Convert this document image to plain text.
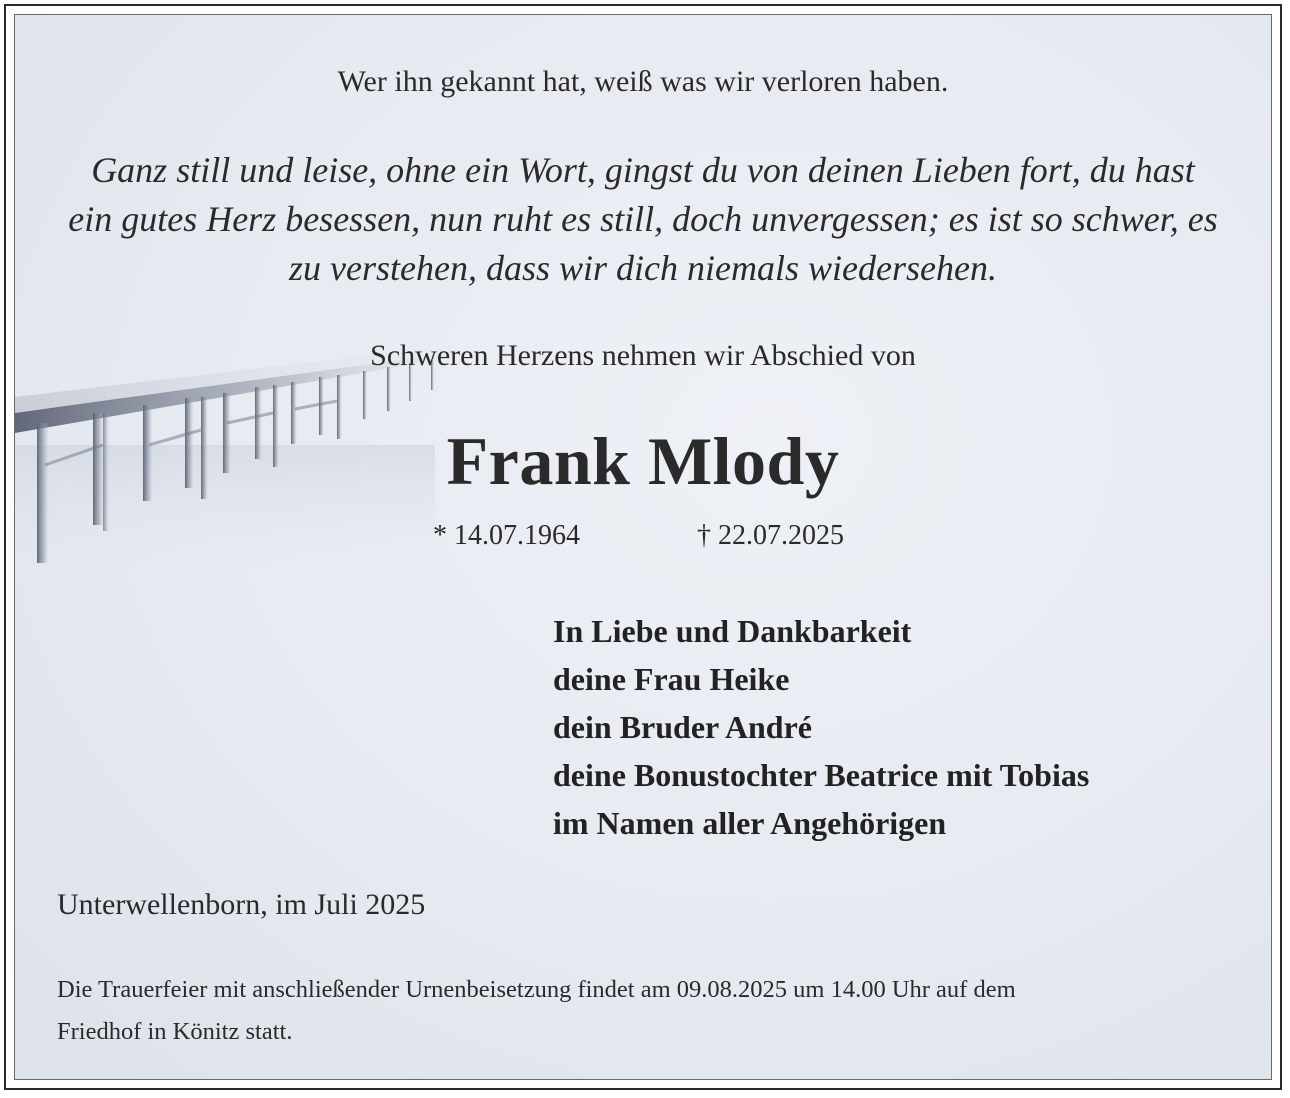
Wer ihn gekannt hat, weiß was wir verloren haben.
Ganz still und leise, ohne ein Wort, gingst du von deinen Lieben fort, du hast
ein gutes Herz besessen, nun ruht es still, doch unvergessen; es ist so schwer, es
zu verstehen, dass wir dich niemals wiedersehen.
Schweren Herzens nehmen wir Abschied von
Frank Mlody
* 14.07.1964	† 22.07.2025
In Liebe und Dankbarkeit
deine Frau Heike
dein Bruder André
deine Bonustochter Beatrice mit Tobias
im Namen aller Angehörigen
Unterwellenborn, im Juli 2025
Die Trauerfeier mit anschließender Urnenbeisetzung findet am 09.08.2025 um 14.00 Uhr auf dem
Friedhof in Könitz statt.
